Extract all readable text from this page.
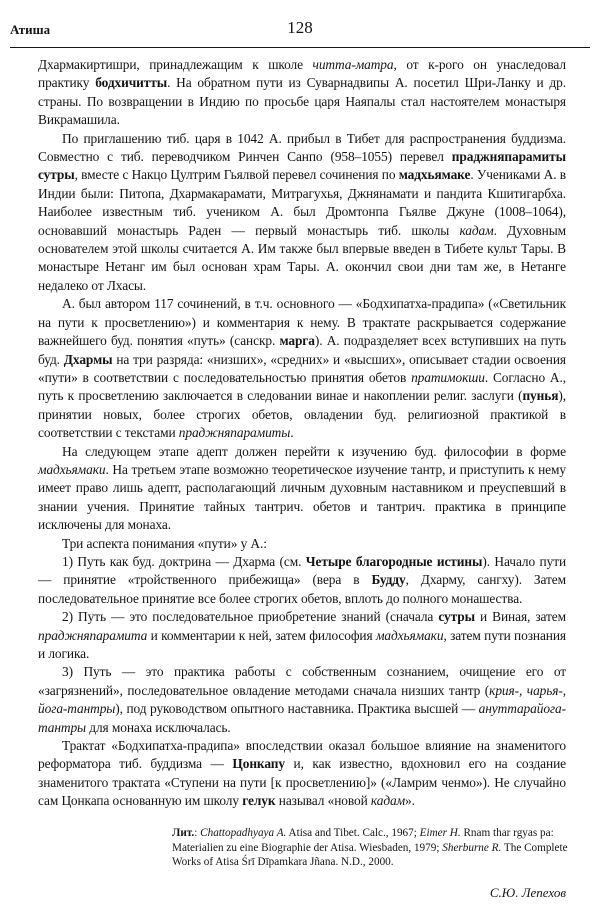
Атиша	128

Дхармакиртишри, принадлежащим к школе читта-матра, от к-рого он унаследовал практику бодхичитты. На обратном пути из Суварнадвипы А. посетил Шри-Ланку и др. страны. По возвращении в Индию по просьбе царя Наяпалы стал настоятелем монастыря Викрамашила.

По приглашению тиб. царя в 1042 А. прибыл в Тибет для распространения буддизма. Совместно с тиб. переводчиком Ринчен Санпо (958–1055) перевел праджняпарамиты сутры, вместе с Накцо Цултрим Гьялвой перевел сочинения по мадхьямаке. Учениками А. в Индии были: Питопа, Дхармакарамати, Митрагухья, Джнянамати и пандита Кшитигарбха. Наиболее известным тиб. учеником А. был Дромтонпа Гьялве Джуне (1008–1064), основавший монастырь Раден — первый монастырь тиб. школы кадам. Духовным основателем этой школы считается А. Им также был впервые введен в Тибете культ Тары. В монастыре Нетанг им был основан храм Тары. А. окончил свои дни там же, в Нетанге недалеко от Лхасы.

А. был автором 117 сочинений, в т.ч. основного — «Бодхипатха-прадипа» («Светильник на пути к просветлению») и комментария к нему. В трактате раскрывается содержание важнейшего буд. понятия «путь» (санскр. марга). А. подразделяет всех вступивших на путь буд. Дхармы на три разряда: «низших», «средних» и «высших», описывает стадии освоения «пути» в соответствии с последовательностью принятия обетов пратимокши. Согласно А., путь к просветлению заключается в следовании винае и накоплении религ. заслуги (пунья), принятии новых, более строгих обетов, овладении буд. религиозной практикой в соответствии с текстами праджняпарамиты.

На следующем этапе адепт должен перейти к изучению буд. философии в форме мадхьямаки. На третьем этапе возможно теоретическое изучение тантр, и приступить к нему имеет право лишь адепт, располагающий личным духовным наставником и преуспевший в знании учения. Принятие тайных тантрич. обетов и тантрич. практика в принципе исключены для монаха.

Три аспекта понимания «пути» у А.:

1) Путь как буд. доктрина — Дхарма (см. Четыре благородные истины). Начало пути — принятие «тройственного прибежища» (вера в Будду, Дхарму, сангху). Затем последовательное принятие все более строгих обетов, вплоть до полного монашества.

2) Путь — это последовательное приобретение знаний (сначала сутры и Виная, затем праджняпарамита и комментарии к ней, затем философия мадхьямаки, затем пути познания и логика.

3) Путь — это практика работы с собственным сознанием, очищение его от «загрязнений», последовательное овладение методами сначала низших тантр (крия-, чарья-, йога-тантры), под руководством опытного наставника. Практика высшей — ануттарайога-тантры для монаха исключалась.

Трактат «Бодхипатха-прадипа» впоследствии оказал большое влияние на знаменитого реформатора тиб. буддизма — Цонкапу и, как известно, вдохновил его на создание знаменитого трактата «Ступени на пути [к просветлению]» («Ламрим ченмо»). Не случайно сам Цонкапа основанную им школу гелук называл «новой кадам».

Лит.: Chattopadhyaya A. Atisa and Tibet. Calc., 1967; Eimer H. Rnam thar rgyas pa: Materialien zu eine Biographie der Atisa. Wiesbaden, 1979; Sherburne R. The Complete Works of Atisa Śrī Dīpamkara Jñana. N.D., 2000.

С.Ю. Лепехов
